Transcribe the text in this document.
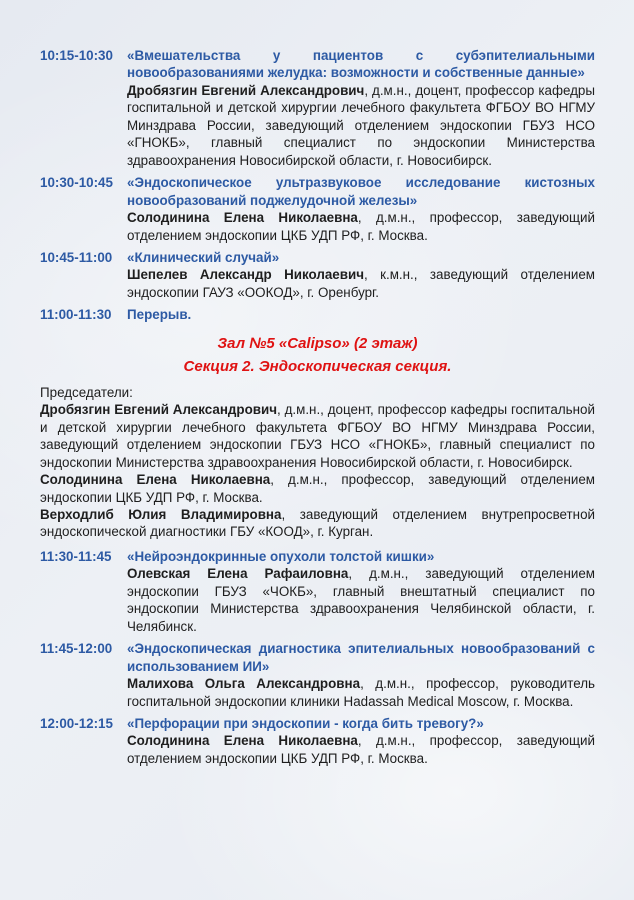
10:15-10:30	«Вмешательства у пациентов с субэпителиальными новообразованиями желудка: возможности и собственные данные»

Дробязгин Евгений Александрович, д.м.н., доцент, профессор кафедры госпитальной и детской хирургии лечебного факультета ФГБОУ ВО НГМУ Минздрава России, заведующий отделением эндоскопии ГБУЗ НСО «ГНОКБ», главный специалист по эндоскопии Министерства здравоохранения Новосибирской области, г. Новосибирск.

10:30-10:45	«Эндоскопическое ультразвуковое исследование кистозных новообразований поджелудочной железы»

Солодинина Елена Николаевна, д.м.н., профессор, заведующий отделением эндоскопии ЦКБ УДП РФ, г. Москва.

10:45-11:00	«Клинический случай»

Шепелев Александр Николаевич, к.м.н., заведующий отделением эндоскопии ГАУЗ «ООКОД», г. Оренбург.

11:00-11:30	Перерыв.

Зал №5 «Calipso» (2 этаж)
Секция 2. Эндоскопическая секция.

Председатели:

Дробязгин Евгений Александрович, д.м.н., доцент, профессор кафедры госпитальной и детской хирургии лечебного факультета ФГБОУ ВО НГМУ Минздрава России, заведующий отделением эндоскопии ГБУЗ НСО «ГНОКБ», главный специалист по эндоскопии Министерства здравоохранения Новосибирской области, г. Новосибирск.

Солодинина Елена Николаевна, д.м.н., профессор, заведующий отделением эндоскопии ЦКБ УДП РФ, г. Москва.

Верходлиб Юлия Владимировна, заведующий отделением внутрепросветной эндоскопической диагностики ГБУ «КООД», г. Курган.

11:30-11:45	«Нейроэндокринные опухоли толстой кишки»

Олевская Елена Рафаиловна, д.м.н., заведующий отделением эндоскопии ГБУЗ «ЧОКБ», главный внештатный специалист по эндоскопии Министерства здравоохранения Челябинской области, г. Челябинск.

11:45-12:00	«Эндоскопическая диагностика эпителиальных новообразований с использованием ИИ»

Малихова Ольга Александровна, д.м.н., профессор, руководитель госпитальной эндоскопии клиники Hadassah Medical Moscow, г. Москва.

12:00-12:15	«Перфорации при эндоскопии - когда бить тревогу?»

Солодинина Елена Николаевна, д.м.н., профессор, заведующий отделением эндоскопии ЦКБ УДП РФ, г. Москва.
